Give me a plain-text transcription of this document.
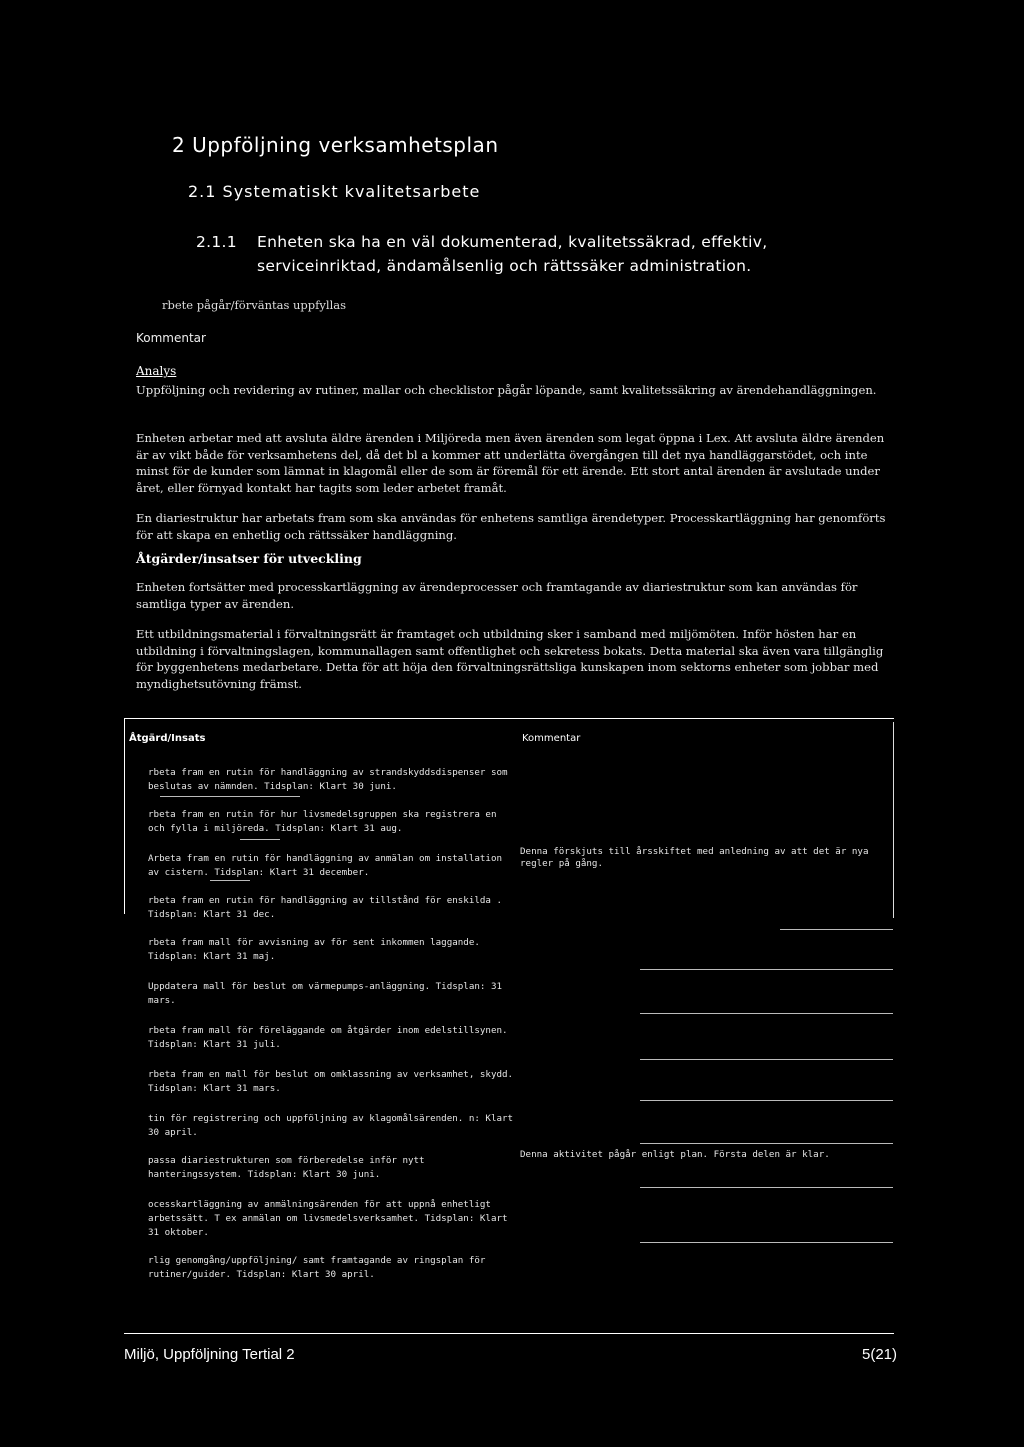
2 Uppföljning verksamhetsplan
2.1 Systematiskt kvalitetsarbete
2.1.1 Enheten ska ha en väl dokumenterad, kvalitetssäkrad, effektiv, serviceinriktad, ändamålsenlig och rättssäker administration.
rbete pågår/förväntas uppfyllas
Kommentar
Analys

Uppföljning och revidering av rutiner, mallar och checklistor pågår löpande, samt kvalitetssäkring av ärendehandläggningen.

Enheten arbetar med att avsluta äldre ärenden i Miljöreda men även ärenden som legat öppna i Lex. Att avsluta äldre ärenden är av vikt både för verksamhetens del, då det bl a kommer att underlätta övergången till det nya handläggarstödet, och inte minst för de kunder som lämnat in klagomål eller de som är föremål för ett ärende. Ett stort antal ärenden är avslutade under året, eller förnyad kontakt har tagits som leder arbetet framåt.

En diariestruktur har arbetats fram som ska användas för enhetens samtliga ärendetyper. Processkartläggning har genomförts för att skapa en enhetlig och rättssäker handläggning.

Åtgärder/insatser för utveckling

Enheten fortsätter med processkartläggning av ärendeprocesser och framtagande av diariestruktur som kan användas för samtliga typer av ärenden.

Ett utbildningsmaterial i förvaltningsrätt är framtaget och utbildning sker i samband med miljömöten. Inför hösten har en utbildning i förvaltningslagen, kommunallagen samt offentlighet och sekretess bokats. Detta material ska även vara tillgänglig för byggenhetens medarbetare. Detta för att höja den förvaltningsrättsliga kunskapen inom sektorns enheter som jobbar med myndighetsutövning främst.

Åtgärd/Insats	Kommentar
rbeta fram en rutin för handläggning av strandskyddsdispenser som beslutas av nämnden. Tidsplan: Klart 30 juni.
rbeta fram en rutin för hur livsmedelsgruppen ska registrera en och fylla i miljöreda. Tidsplan: Klart 31 aug.
Arbeta fram en rutin för handläggning av anmälan om installation av cistern. Tidsplan: Klart 31 december.
Denna förskjuts till årsskiftet med anledning av att det är nya regler på gång.
rbeta fram en rutin för handläggning av tillstånd för enskilda . Tidsplan: Klart 31 dec.
rbeta fram mall för avvisning av för sent inkommen laggande. Tidsplan: Klart 31 maj.
Uppdatera mall för beslut om värmepumps-anläggning. Tidsplan: 31 mars.
rbeta fram mall för föreläggande om åtgärder inom edelstillsynen. Tidsplan: Klart 31 juli.
rbeta fram en mall för beslut om omklassning av verksamhet, skydd. Tidsplan: Klart 31 mars.
tin för registrering och uppföljning av klagomålsärenden. n: Klart 30 april.
passa diariestrukturen som förberedelse inför nytt hanteringssystem. Tidsplan: Klart 30 juni.
Denna aktivitet pågår enligt plan. Första delen är klar.
ocesskartläggning av anmälningsärenden för att uppnå enhetligt arbetssätt. T ex anmälan om livsmedelsverksamhet. Tidsplan: Klart 31 oktober.
rlig genomgång/uppföljning/ samt framtagande av ringsplan för rutiner/guider. Tidsplan: Klart 30 april.
Miljö, Uppföljning Tertial 2	5(21)
